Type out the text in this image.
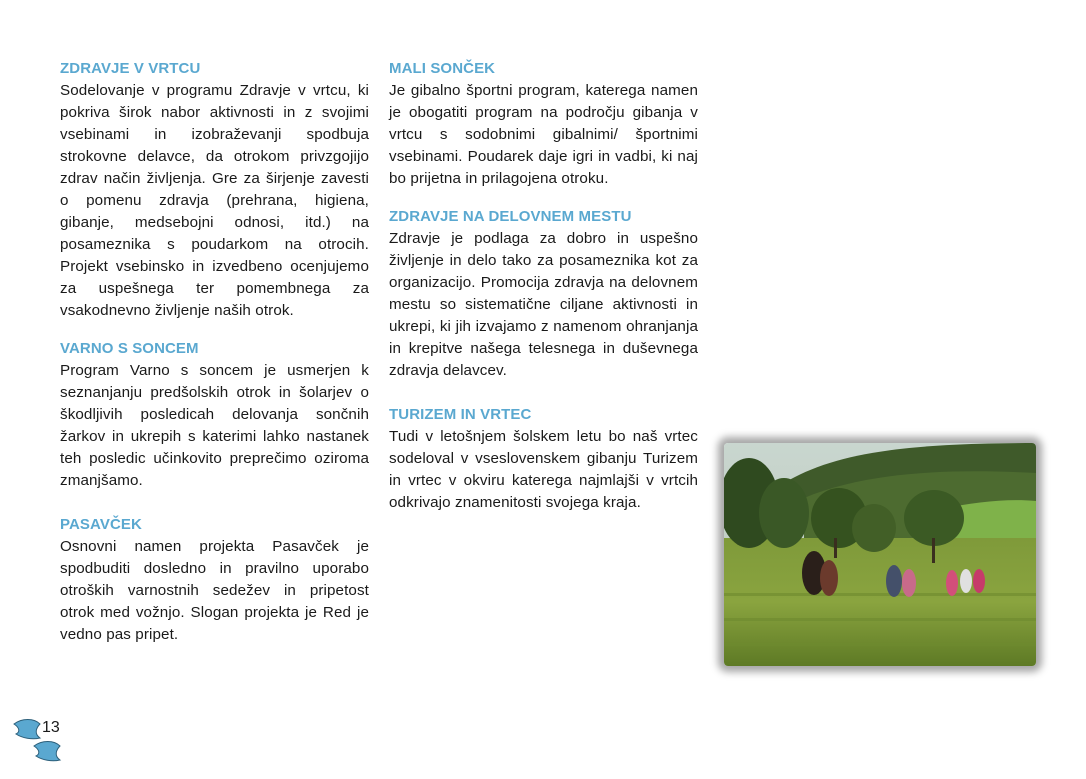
ZDRAVJE V VRTCU

Sodelovanje v programu Zdravje v vrtcu, ki pokriva širok nabor aktivnosti in z svojimi vsebinami in izobraževanji spodbuja strokovne delavce, da otrokom privzgojijo zdrav način življenja. Gre za širjenje zavesti o pomenu zdravja (prehrana, higiena, gibanje, medsebojni odnosi, itd.) na posameznika s poudarkom na otrocih. Projekt vsebinsko in izvedbeno ocenjujemo za uspešnega ter pomembnega za vsakodnevno življenje naših otrok.

VARNO S SONCEM

Program Varno s soncem je usmerjen k seznanjanju predšolskih otrok in šolarjev o škodljivih posledicah delovanja sončnih žarkov in ukrepih s katerimi lahko nastanek teh posledic učinkovito preprečimo oziroma zmanjšamo.

PASAVČEK

Osnovni namen projekta Pasavček je spodbuditi dosledno in pravilno uporabo otroških varnostnih sedežev in pripetost otrok med vožnjo. Slogan projekta je Red je vedno pas pripet.

MALI SONČEK

Je gibalno športni program, katerega namen je obogatiti program na področju gibanja v vrtcu s sodobnimi gibalnimi/ športnimi vsebinami. Poudarek daje igri in vadbi, ki naj bo prijetna in prilagojena otroku.

ZDRAVJE NA DELOVNEM MESTU

Zdravje je podlaga za dobro in uspešno življenje in delo tako za posameznika kot za organizacijo. Promocija zdravja na delovnem mestu so sistematične ciljane aktivnosti in ukrepi, ki jih izvajamo z namenom ohranjanja in krepitve našega telesnega in duševnega zdravja delavcev.

TURIZEM IN VRTEC

Tudi v letošnjem šolskem letu bo naš vrtec sodeloval v vseslovenskem gibanju Turizem in vrtec v okviru katerega najmlajši v vrtcih odkrivajo znamenitosti svojega kraja.

13
